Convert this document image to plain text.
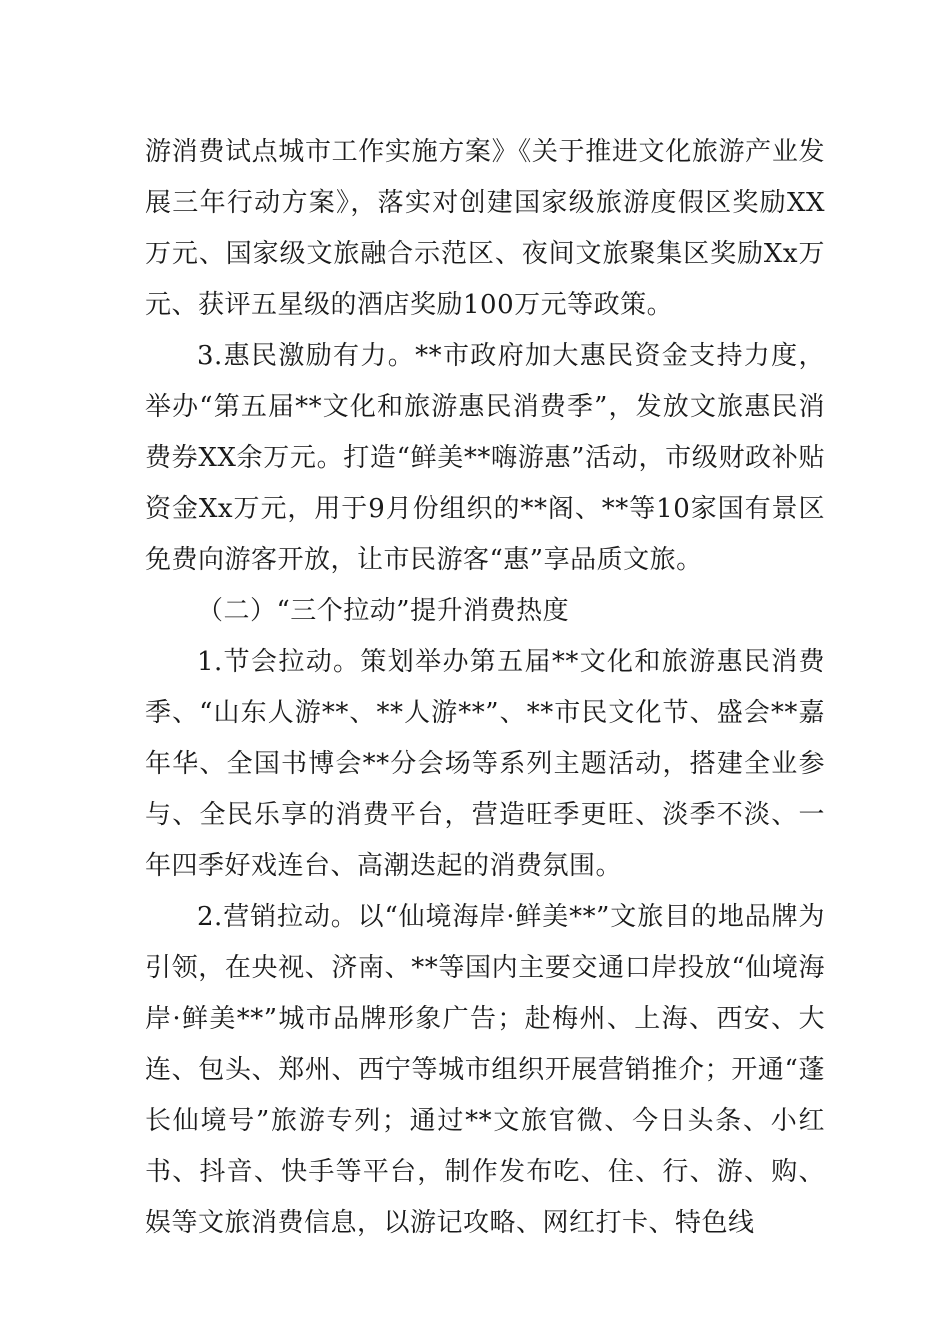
游消费试点城市工作实施方案》《关于推进文化旅游产业发展三年行动方案》，落实对创建国家级旅游度假区奖励XX万元、国家级文旅融合示范区、夜间文旅聚集区奖励Xx万元、获评五星级的酒店奖励100万元等政策。

3.惠民激励有力。**市政府加大惠民资金支持力度，举办“第五届**文化和旅游惠民消费季”，发放文旅惠民消费券XX余万元。打造“鲜美**嗨游惠”活动，市级财政补贴资金Xx万元，用于9月份组织的**阁、**等10家国有景区免费向游客开放，让市民游客“惠”享品质文旅。

（二）“三个拉动”提升消费热度

1.节会拉动。策划举办第五届**文化和旅游惠民消费季、“山东人游**、**人游**”、**市民文化节、盛会**嘉年华、全国书博会**分会场等系列主题活动，搭建全业参与、全民乐享的消费平台，营造旺季更旺、淡季不淡、一年四季好戏连台、高潮迭起的消费氛围。

2.营销拉动。以“仙境海岸·鲜美**”文旅目的地品牌为引领，在央视、济南、**等国内主要交通口岸投放“仙境海岸·鲜美**”城市品牌形象广告；赴梅州、上海、西安、大连、包头、郑州、西宁等城市组织开展营销推介；开通“蓬长仙境号”旅游专列；通过**文旅官微、今日头条、小红书、抖音、快手等平台，制作发布吃、住、行、游、购、娱等文旅消费信息，以游记攻略、网红打卡、特色线
